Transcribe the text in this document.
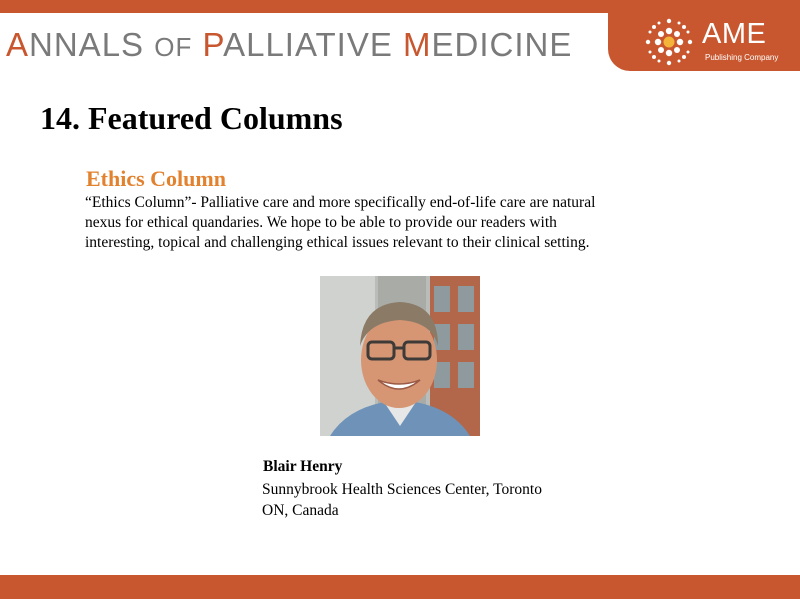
ANNALS OF PALLIATIVE MEDICINE	AME
Publishing Company
14. Featured Columns
Ethics Column
“Ethics Column”- Palliative care and more specifically end-of-life care are natural
nexus for ethical quandaries. We hope to be able to provide our readers with
interesting, topical and challenging ethical issues relevant to their clinical setting.
Blair Henry
Sunnybrook Health Sciences Center, Toronto
ON, Canada
